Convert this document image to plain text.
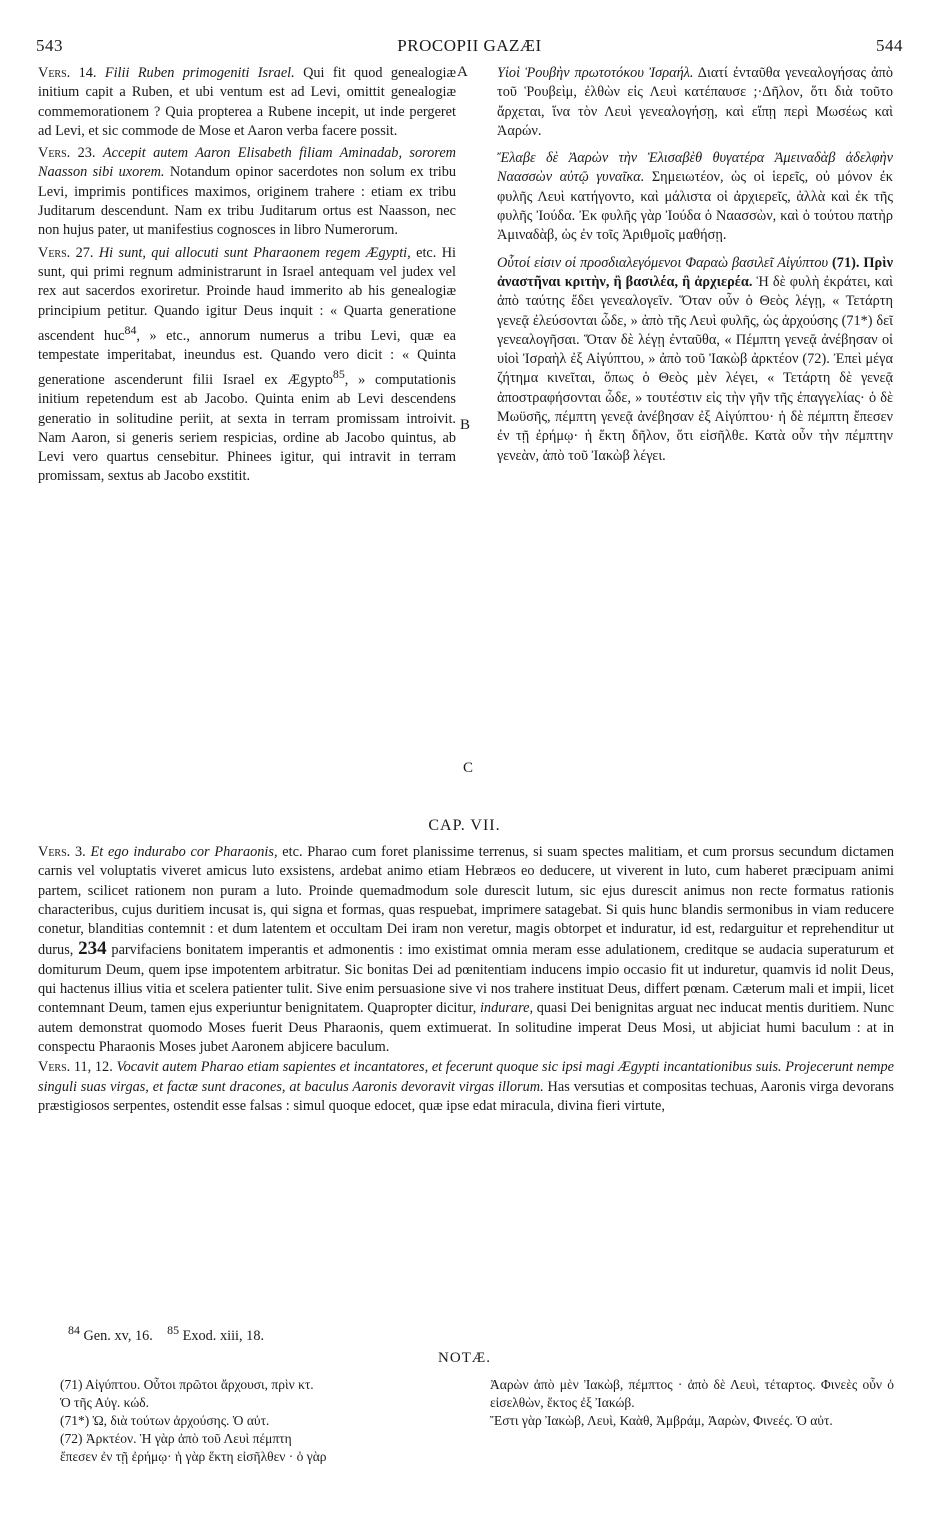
543	PROCOPII GAZÆI	544
A
B
C

Vers. 14. Filii Ruben primogeniti Israel. Qui fit quod genealogiæ initium capit a Ruben, et ubi ventum est ad Levi, omittit genealogiæ commemorationem ? Quia propterea a Rubene incepit, ut inde pergeret ad Levi, et sic commode de Mose et Aaron verba facere possit.

Vers. 23. Accepit autem Aaron Elisabeth filiam Aminadab, sororem Naasson sibi uxorem. Notandum opinor sacerdotes non solum ex tribu Levi, imprimis pontifices maximos, originem trahere : etiam ex tribu Juditarum descendunt. Nam ex tribu Juditarum ortus est Naasson, nec non hujus pater, ut manifestius cognosces in libro Numerorum.

Vers. 27. Hi sunt, qui allocuti sunt Pharaonem regem Ægypti, etc. Hi sunt, qui primi regnum administrarunt in Israel antequam vel judex vel rex aut sacerdos exoriretur. Proinde haud immerito ab his genealogiæ principium petitur. Quando igitur Deus inquit : « Quarta generatione ascendent huc$^{84}$, » etc., annorum numerus a tribu Levi, quæ ea tempestate imperitabat, ineundus est. Quando vero dicit : « Quinta generatione ascenderunt filii Israel ex Ægypto$^{85}$, » computationis initium repetendum est ab Jacobo. Quinta enim ab Levi descendens generatio in solitudine periit, at sexta in terram promissam introivit. Nam Aaron, si generis seriem respicias, ordine ab Jacobo quintus, ab Levi vero quartus censebitur. Phinees igitur, qui intravit in terram promissam, sextus ab Jacobo exstitit.

Υἱοὶ Ῥουβὴν πρωτοτόκου Ἰσραήλ. Διατί ἐνταῦθα γενεαλογήσας ἀπὸ τοῦ Ῥουβεὶμ, ἐλθὼν εἰς Λευὶ κατέπαυσε ;·Δῆλον, ὅτι διὰ τοῦτο ἄρχεται, ἵνα τὸν Λευὶ γενεαλογήσῃ, καὶ εἴπῃ περὶ Μωσέως καὶ Ἀαρών.

Ἔλαβε δὲ Ἀαρὼν τὴν Ἐλισαβὲθ θυγατέρα Ἀμειναδὰβ ἀδελφὴν Ναασσὼν αὐτῷ γυναῖκα. Σημειωτέον, ὡς οἱ ἱερεῖς, οὐ μόνον ἐκ φυλῆς Λευὶ κατήγοντο, καὶ μάλιστα οἱ ἀρχιερεῖς, ἀλλὰ καὶ ἐκ τῆς φυλῆς Ἰούδα. Ἐκ φυλῆς γὰρ Ἰούδα ὁ Ναασσὼν, καὶ ὁ τούτου πατὴρ Ἀμιναδὰβ, ὡς ἐν τοῖς Ἀριθμοῖς μαθήσῃ.

Οὗτοί εἰσιν οἱ προσδιαλεγόμενοι Φαραὼ βασιλεῖ Αἰγύπτου (71). Πρὶν ἀναστῆναι κριτὴν, ἢ βασιλέα, ἢ ἀρχιερέα. Ἡ δὲ φυλὴ ἐκράτει, καὶ ἀπὸ ταύτης ἔδει γενεαλογεῖν. Ὅταν οὖν ὁ Θεὸς λέγῃ, « Τετάρτη γενεᾷ ἐλεύσονται ὧδε, » ἀπὸ τῆς Λευὶ φυλῆς, ὡς ἀρχούσης (71*) δεῖ γενεαλογῆσαι. Ὅταν δὲ λέγῃ ἐνταῦθα, « Πέμπτη γενεᾷ ἀνέβησαν οἱ υἱοὶ Ἰσραὴλ ἐξ Αἰγύπτου, » ἀπὸ τοῦ Ἰακὼβ ἀρκτέον (72). Ἐπεὶ μέγα ζήτημα κινεῖται, ὅπως ὁ Θεὸς μὲν λέγει, « Τετάρτη δὲ γενεᾷ ἀποστραφήσονται ὧδε, » τουτέστιν εἰς τὴν γῆν τῆς ἐπαγγελίας· ὁ δὲ Μωϋσῆς, πέμπτη γενεᾷ ἀνέβησαν ἐξ Αἰγύπτου· ἡ δὲ πέμπτη ἔπεσεν ἐν τῇ ἐρήμῳ· ἡ ἕκτη δῆλον, ὅτι εἰσῆλθε. Κατὰ οὖν τὴν πέμπτην γενεὰν, ἀπὸ τοῦ Ἰακὼβ λέγει.

CAP. VII.

Vers. 3. Et ego indurabo cor Pharaonis, etc. Pharao cum foret planissime terrenus, si suam spectes malitiam, et cum prorsus secundum dictamen carnis vel voluptatis viveret amicus luto exsistens, ardebat animo etiam Hebræos eo deducere, ut viverent in luto, cum haberet præcipuam animi partem, scilicet rationem non puram a luto. Proinde quemadmodum sole durescit lutum, sic ejus durescit animus non recte formatus rationis characteribus, cujus duritiem incusat is, qui signa et formas, quas respuebat, imprimere satagebat. Si quis hunc blandis sermonibus in viam reducere conetur, blanditias contemnit : et dum latentem et occultam Dei iram non veretur, magis obtorpet et induratur, id est, redarguitur et reprehenditur ut durus, 234 parvifaciens bonitatem imperantis et admonentis : imo existimat omnia meram esse adulationem, creditque se audacia superaturum et domiturum Deum, quem ipse impotentem arbitratur. Sic bonitas Dei ad pœnitentiam inducens impio occasio fit ut induretur, quamvis id nolit Deus, qui hactenus illius vitia et scelera patienter tulit. Sive enim persuasione sive vi nos trahere instituat Deus, differt pœnam. Cæterum mali et impii, licet contemnant Deum, tamen ejus experiuntur benignitatem. Quapropter dicitur, indurare, quasi Dei benignitas arguat nec inducat mentis duritiem. Nunc autem demonstrat quomodo Moses fuerit Deus Pharaonis, quem extimuerat. In solitudine imperat Deus Mosi, ut abjiciat humi baculum : at in conspectu Pharaonis Moses jubet Aaronem abjicere baculum.

Vers. 11, 12. Vocavit autem Pharao etiam sapientes et incantatores, et fecerunt quoque sic ipsi magi Ægypti incantationibus suis. Projecerunt nempe singuli suas virgas, et factæ sunt dracones, at baculus Aaronis devoravit virgas illorum. Has versutias et compositas techuas, Aaronis virga devorans præstigiosos serpentes, ostendit esse falsas : simul quoque edocet, quæ ipse edat miracula, divina fieri virtute,

$^{84}$ Gen. xv, 16. $^{85}$ Exod. xiii, 18.
NOTÆ.
(71) Αἰγύπτου. Οὗτοι πρῶτοι ἄρχουσι, πρὶν κτ.
Ὁ τῆς Αὐγ. κώδ.
(71*) Ὡ, διὰ τούτων ἀρχούσης. Ὁ αὐτ.
(72) Ἀρκτέον. Ἡ γὰρ ἀπὸ τοῦ Λευὶ πέμπτη
ἔπεσεν ἐν τῇ ἐρήμῳ· ἡ γὰρ ἕκτη εἰσῆλθεν · ὁ γὰρ
Ἀαρὼν ἀπὸ μὲν Ἰακὼβ, πέμπτος · ἀπὸ δὲ Λευὶ, τέταρτος. Φινεὲς οὖν ὁ εἰσελθὼν, ἕκτος ἐξ Ἰακώβ.
Ἔστι γὰρ Ἰακὼβ, Λευὶ, Καὰθ, Ἀμβράμ, Ἀαρὼν, Φινεές. Ὁ αὐτ.
